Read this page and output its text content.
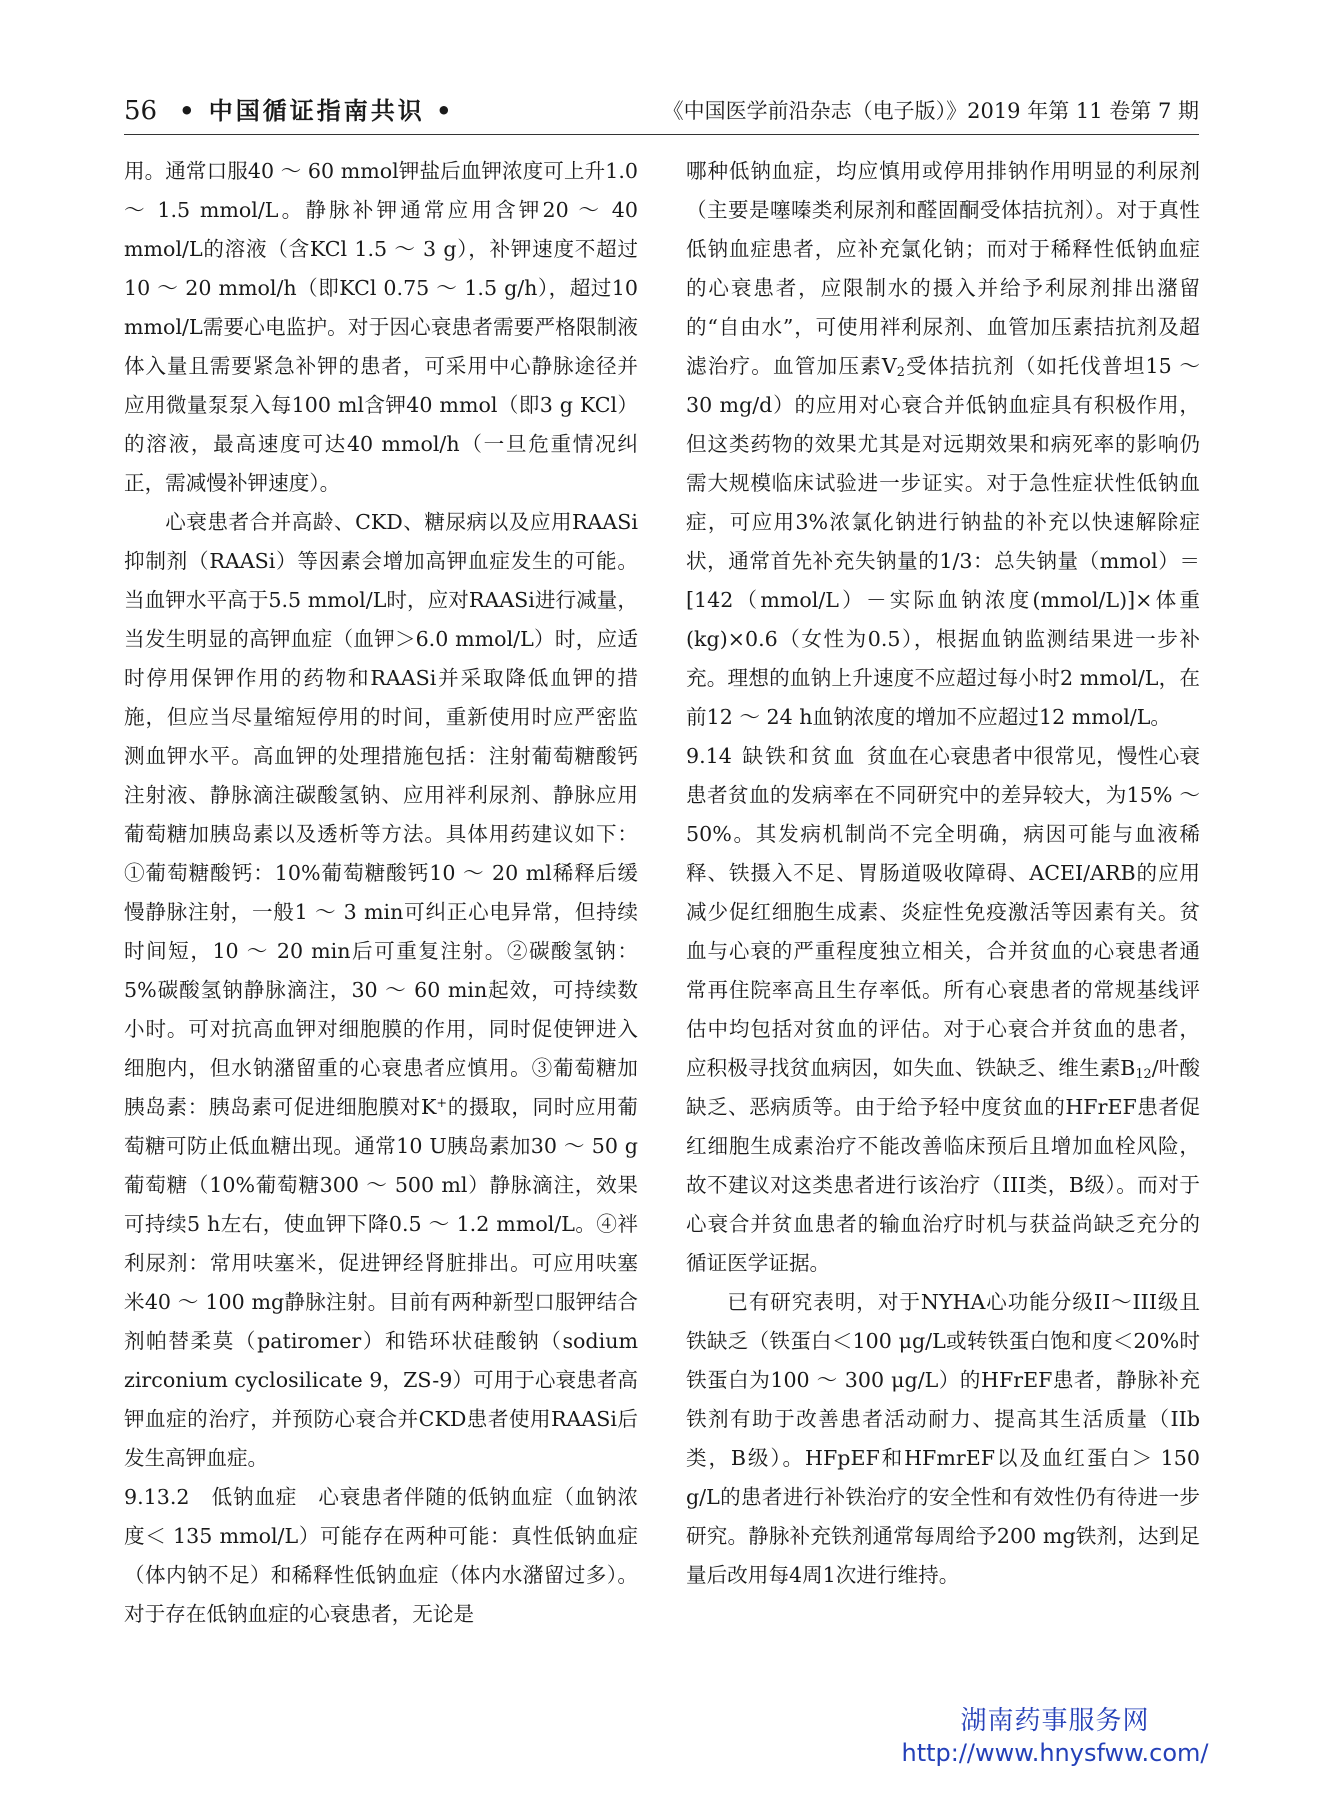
56 • 中国循证指南共识 •	《中国医学前沿杂志（电子版）》2019 年第 11 卷第 7 期

用。通常口服40 ～ 60 mmol钾盐后血钾浓度可上升1.0 ～ 1.5 mmol/L。静脉补钾通常应用含钾20 ～ 40 mmol/L的溶液（含KCl 1.5 ～ 3 g），补钾速度不超过10 ～ 20 mmol/h（即KCl 0.75 ～ 1.5 g/h），超过10 mmol/L需要心电监护。对于因心衰患者需要严格限制液体入量且需要紧急补钾的患者，可采用中心静脉途径并应用微量泵泵入每100 ml含钾40 mmol（即3 g KCl）的溶液，最高速度可达40 mmol/h（一旦危重情况纠正，需减慢补钾速度）。

心衰患者合并高龄、CKD、糖尿病以及应用RAASi抑制剂（RAASi）等因素会增加高钾血症发生的可能。当血钾水平高于5.5 mmol/L时，应对RAASi进行减量，当发生明显的高钾血症（血钾＞6.0 mmol/L）时，应适时停用保钾作用的药物和RAASi并采取降低血钾的措施，但应当尽量缩短停用的时间，重新使用时应严密监测血钾水平。高血钾的处理措施包括：注射葡萄糖酸钙注射液、静脉滴注碳酸氢钠、应用袢利尿剂、静脉应用葡萄糖加胰岛素以及透析等方法。具体用药建议如下：①葡萄糖酸钙：10%葡萄糖酸钙10 ～ 20 ml稀释后缓慢静脉注射，一般1 ～ 3 min可纠正心电异常，但持续时间短，10 ～ 20 min后可重复注射。②碳酸氢钠：5%碳酸氢钠静脉滴注，30 ～ 60 min起效，可持续数小时。可对抗高血钾对细胞膜的作用，同时促使钾进入细胞内，但水钠潴留重的心衰患者应慎用。③葡萄糖加胰岛素：胰岛素可促进细胞膜对K+的摄取，同时应用葡萄糖可防止低血糖出现。通常10 U胰岛素加30 ～ 50 g葡萄糖（10%葡萄糖300 ～ 500 ml）静脉滴注，效果可持续5 h左右，使血钾下降0.5 ～ 1.2 mmol/L。④袢利尿剂：常用呋塞米，促进钾经肾脏排出。可应用呋塞米40 ～ 100 mg静脉注射。目前有两种新型口服钾结合剂帕替柔莫（patiromer）和锆环状硅酸钠（sodium zirconium cyclosilicate 9，ZS-9）可用于心衰患者高钾血症的治疗，并预防心衰合并CKD患者使用RAASi后发生高钾血症。

9.13.2　低钠血症　心衰患者伴随的低钠血症（血钠浓度＜ 135 mmol/L）可能存在两种可能：真性低钠血症（体内钠不足）和稀释性低钠血症（体内水潴留过多）。对于存在低钠血症的心衰患者，无论是

哪种低钠血症，均应慎用或停用排钠作用明显的利尿剂（主要是噻嗪类利尿剂和醛固酮受体拮抗剂）。对于真性低钠血症患者，应补充氯化钠；而对于稀释性低钠血症的心衰患者，应限制水的摄入并给予利尿剂排出潴留的“自由水”，可使用袢利尿剂、血管加压素拮抗剂及超滤治疗。血管加压素$V_2$受体拮抗剂（如托伐普坦15 ～ 30 mg/d）的应用对心衰合并低钠血症具有积极作用，但这类药物的效果尤其是对远期效果和病死率的影响仍需大规模临床试验进一步证实。对于急性症状性低钠血症，可应用3%浓氯化钠进行钠盐的补充以快速解除症状，通常首先补充失钠量的1/3：总失钠量（mmol）＝[142（mmol/L）－实际血钠浓度(mmol/L)]×体重(kg)×0.6（女性为0.5），根据血钠监测结果进一步补充。理想的血钠上升速度不应超过每小时2 mmol/L，在前12 ～ 24 h血钠浓度的增加不应超过12 mmol/L。

9.14 缺铁和贫血 贫血在心衰患者中很常见，慢性心衰患者贫血的发病率在不同研究中的差异较大，为15% ～ 50%。其发病机制尚不完全明确，病因可能与血液稀释、铁摄入不足、胃肠道吸收障碍、ACEI/ARB的应用减少促红细胞生成素、炎症性免疫激活等因素有关。贫血与心衰的严重程度独立相关，合并贫血的心衰患者通常再住院率高且生存率低。所有心衰患者的常规基线评估中均包括对贫血的评估。对于心衰合并贫血的患者，应积极寻找贫血病因，如失血、铁缺乏、维生素$B_{12}/$叶酸缺乏、恶病质等。由于给予轻中度贫血的HFrEF患者促红细胞生成素治疗不能改善临床预后且增加血栓风险，故不建议对这类患者进行该治疗（III类，B级）。而对于心衰合并贫血患者的输血治疗时机与获益尚缺乏充分的循证医学证据。

已有研究表明，对于NYHA心功能分级II～III级且铁缺乏（铁蛋白＜100 μg/L或转铁蛋白饱和度＜20%时铁蛋白为100 ～ 300 μg/L）的HFrEF患者，静脉补充铁剂有助于改善患者活动耐力、提高其生活质量（IIb类，B级）。HFpEF和HFmrEF以及血红蛋白＞ 150 g/L的患者进行补铁治疗的安全性和有效性仍有待进一步研究。静脉补充铁剂通常每周给予200 mg铁剂，达到足量后改用每4周1次进行维持。

湖南药事服务网
http://www.hnysfww.com/
